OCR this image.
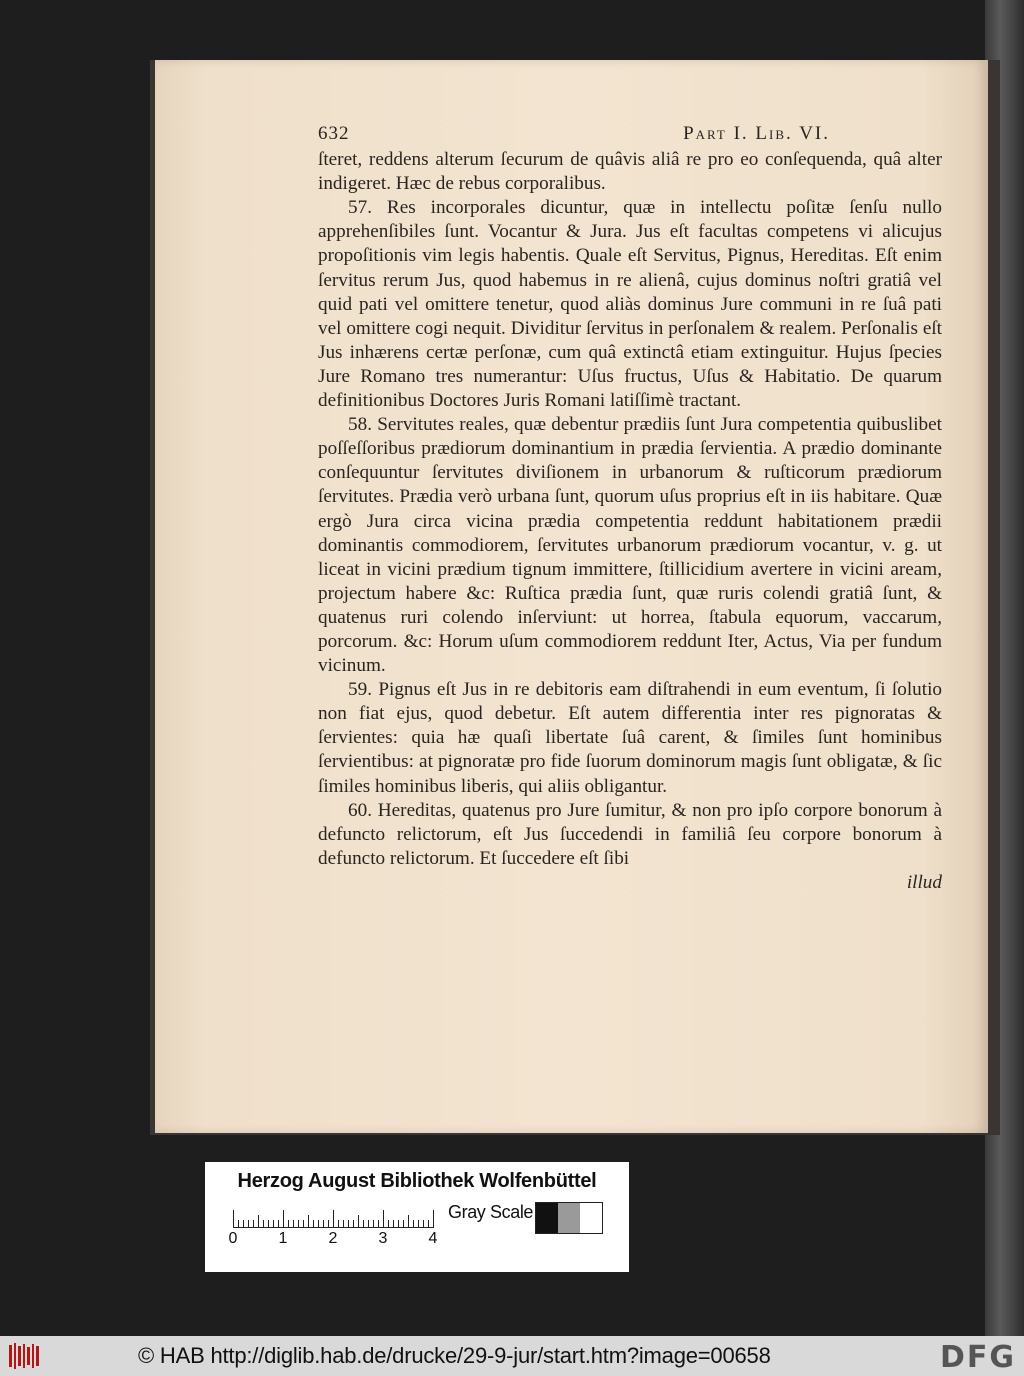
632	Part I. Lib. VI.

ſteret, reddens alterum ſecurum de quâvis aliâ re pro eo conſequenda, quâ alter indigeret. Hæc de rebus corporalibus.

57. Res incorporales dicuntur, quæ in intellectu poſitæ ſenſu nullo apprehenſibiles ſunt. Vocantur & Jura. Jus eſt facultas competens vi alicujus propoſitionis vim legis habentis. Quale eſt Servitus, Pignus, Hereditas. Eſt enim ſervitus rerum Jus, quod habemus in re alienâ, cujus dominus noſtri gratiâ vel quid pati vel omittere tenetur, quod aliàs dominus Jure communi in re ſuâ pati vel omittere cogi nequit. Dividitur ſervitus in perſonalem & realem. Perſonalis eſt Jus inhærens certæ perſonæ, cum quâ extinctâ etiam extinguitur. Hujus ſpecies Jure Romano tres numerantur: Uſus fructus, Uſus & Habitatio. De quarum definitionibus Doctores Juris Romani latiſſimè tractant.

58. Servitutes reales, quæ debentur prædiis ſunt Jura competentia quibuslibet poſſeſſoribus prædiorum dominantium in prædia ſervientia. A prædio dominante conſequuntur ſervitutes diviſionem in urbanorum & ruſticorum prædiorum ſervitutes. Prædia verò urbana ſunt, quorum uſus proprius eſt in iis habitare. Quæ ergò Jura circa vicina prædia competentia reddunt habitationem prædii dominantis commodiorem, ſervitutes urbanorum prædiorum vocantur, v. g. ut liceat in vicini prædium tignum immittere, ſtillicidium avertere in vicini aream, projectum habere &c: Ruſtica prædia ſunt, quæ ruris colendi gratiâ ſunt, & quatenus ruri colendo inſerviunt: ut horrea, ſtabula equorum, vaccarum, porcorum. &c: Horum uſum commodiorem reddunt Iter, Actus, Via per fundum vicinum.

59. Pignus eſt Jus in re debitoris eam diſtrahendi in eum eventum, ſi ſolutio non fiat ejus, quod debetur. Eſt autem differentia inter res pignoratas & ſervientes: quia hæ quaſi libertate ſuâ carent, & ſimiles ſunt hominibus ſervientibus: at pignoratæ pro fide ſuorum dominorum magis ſunt obligatæ, & ſic ſimiles hominibus liberis, qui aliis obligantur.

60. Hereditas, quatenus pro Jure ſumitur, & non pro ipſo corpore bonorum à defuncto relictorum, eſt Jus ſuccedendi in familiâ ſeu corpore bonorum à defuncto relictorum. Et ſuccedere eſt ſibi

illud

Herzog August Bibliothek Wolfenbüttel
0	1	2	3	4
Gray Scale
© HAB http://diglib.hab.de/drucke/29-9-jur/start.htm?image=00658	DFG
